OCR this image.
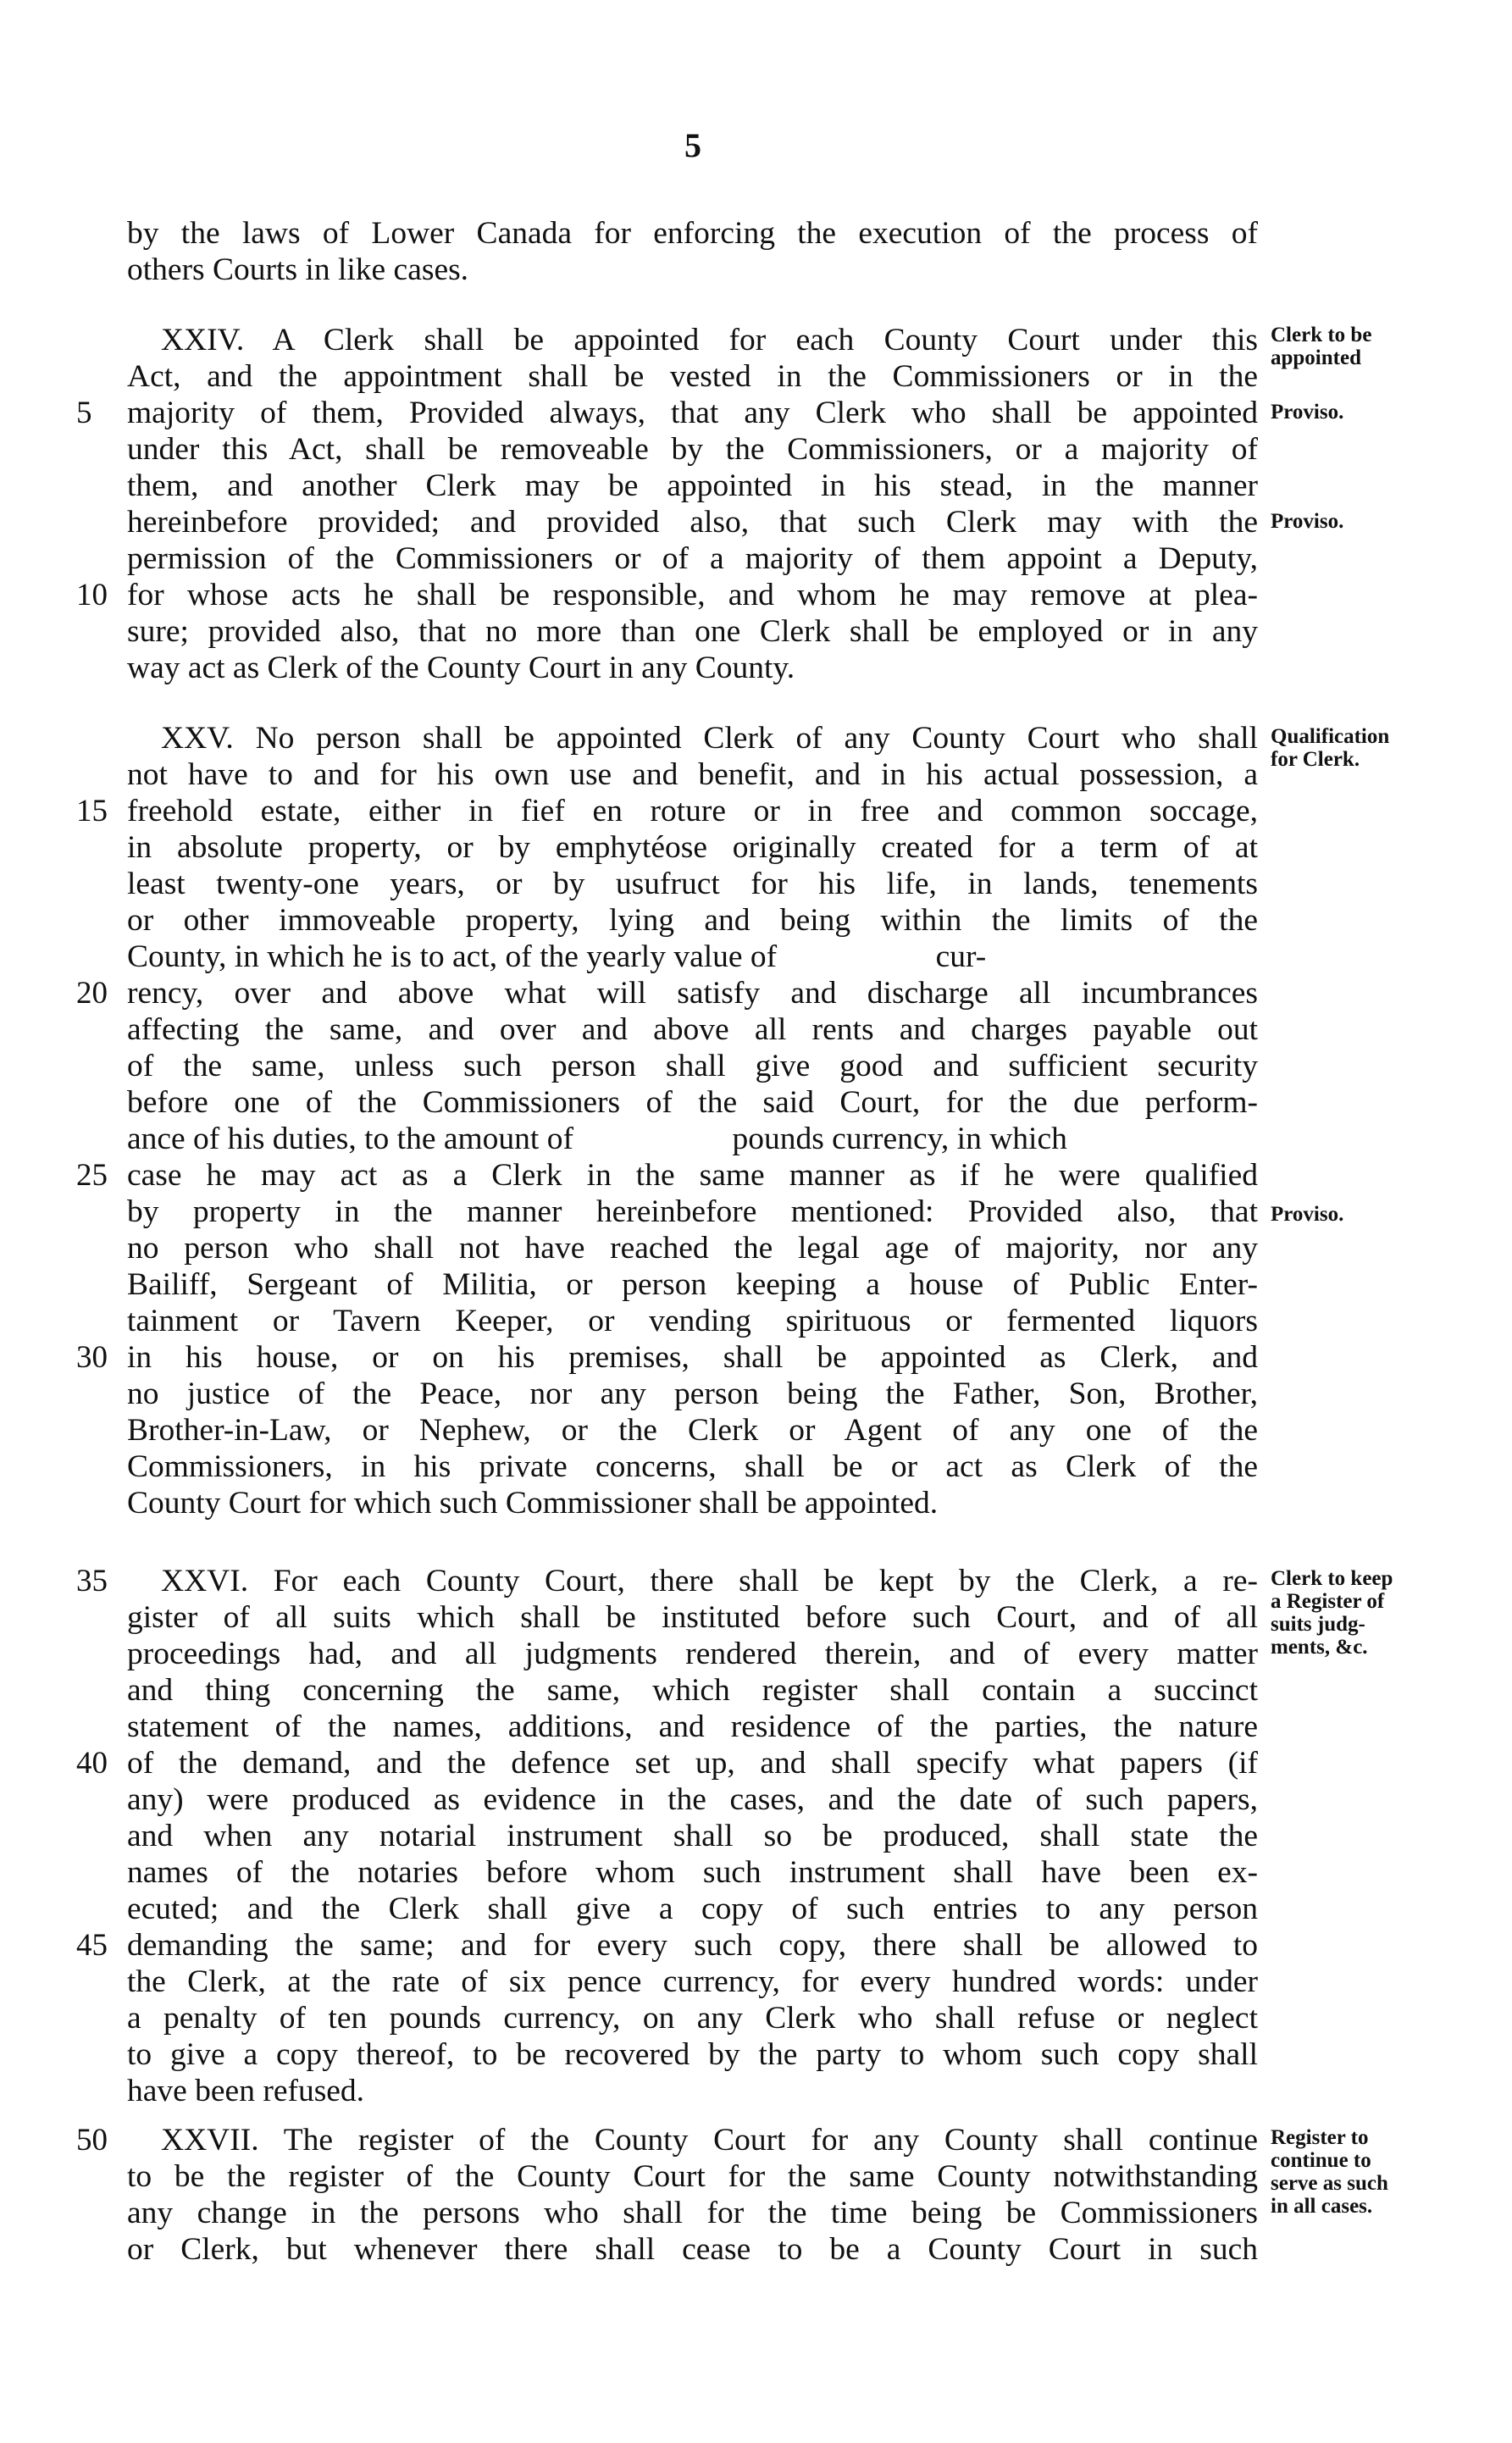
5
by the laws of Lower Canada for enforcing the execution of the process of
others Courts in like cases.
XXIV. A Clerk shall be appointed for each County Court under this
Act, and the appointment shall be vested in the Commissioners or in the
majority of them, Provided always, that any Clerk who shall be appointed
under this Act, shall be removeable by the Commissioners, or a majority of
them, and another Clerk may be appointed in his stead, in the manner
hereinbefore provided; and provided also, that such Clerk may with the
permission of the Commissioners or of a majority of them appoint a Deputy,
for whose acts he shall be responsible, and whom he may remove at plea-
sure; provided also, that no more than one Clerk shall be employed or in any
way act as Clerk of the County Court in any County.
XXV. No person shall be appointed Clerk of any County Court who shall
not have to and for his own use and benefit, and in his actual possession, a
freehold estate, either in fief en roture or in free and common soccage,
in absolute property, or by emphytéose originally created for a term of at
least twenty-one years, or by usufruct for his life, in lands, tenements
or other immoveable property, lying and being within the limits of the
County, in which he is to act, of the yearly value of                    cur-
rency, over and above what will satisfy and discharge all incumbrances
affecting the same, and over and above all rents and charges payable out
of the same, unless such person shall give good and sufficient security
before one of the Commissioners of the said Court, for the due perform-
ance of his duties, to the amount of                    pounds currency, in which
case he may act as a Clerk in the same manner as if he were qualified
by property in the manner hereinbefore mentioned: Provided also, that
no person who shall not have reached the legal age of majority, nor any
Bailiff, Sergeant of Militia, or person keeping a house of Public Enter-
tainment or Tavern Keeper, or vending spirituous or fermented liquors
in his house, or on his premises, shall be appointed as Clerk, and
no justice of the Peace, nor any person being the Father, Son, Brother,
Brother-in-Law, or Nephew, or the Clerk or Agent of any one of the
Commissioners, in his private concerns, shall be or act as Clerk of the
County Court for which such Commissioner shall be appointed.
XXVI. For each County Court, there shall be kept by the Clerk, a re-
gister of all suits which shall be instituted before such Court, and of all
proceedings had, and all judgments rendered therein, and of every matter
and thing concerning the same, which register shall contain a succinct
statement of the names, additions, and residence of the parties, the nature
of the demand, and the defence set up, and shall specify what papers (if
any) were produced as evidence in the cases, and the date of such papers,
and when any notarial instrument shall so be produced, shall state the
names of the notaries before whom such instrument shall have been ex-
ecuted; and the Clerk shall give a copy of such entries to any person
demanding the same; and for every such copy, there shall be allowed to
the Clerk, at the rate of six pence currency, for every hundred words: under
a penalty of ten pounds currency, on any Clerk who shall refuse or neglect
to give a copy thereof, to be recovered by the party to whom such copy shall
have been refused.
XXVII. The register of the County Court for any County shall continue
to be the register of the County Court for the same County notwithstanding
any change in the persons who shall for the time being be Commissioners
or Clerk, but whenever there shall cease to be a County Court in such
5
10
15
20
25
30
35
40
45
50
Clerk to be
appointed
Proviso.
Proviso.
Qualification
for Clerk.
Proviso.
Clerk to keep
a Register of
suits judg-
ments, &c.
Register to
continue to
serve as such
in all cases.
